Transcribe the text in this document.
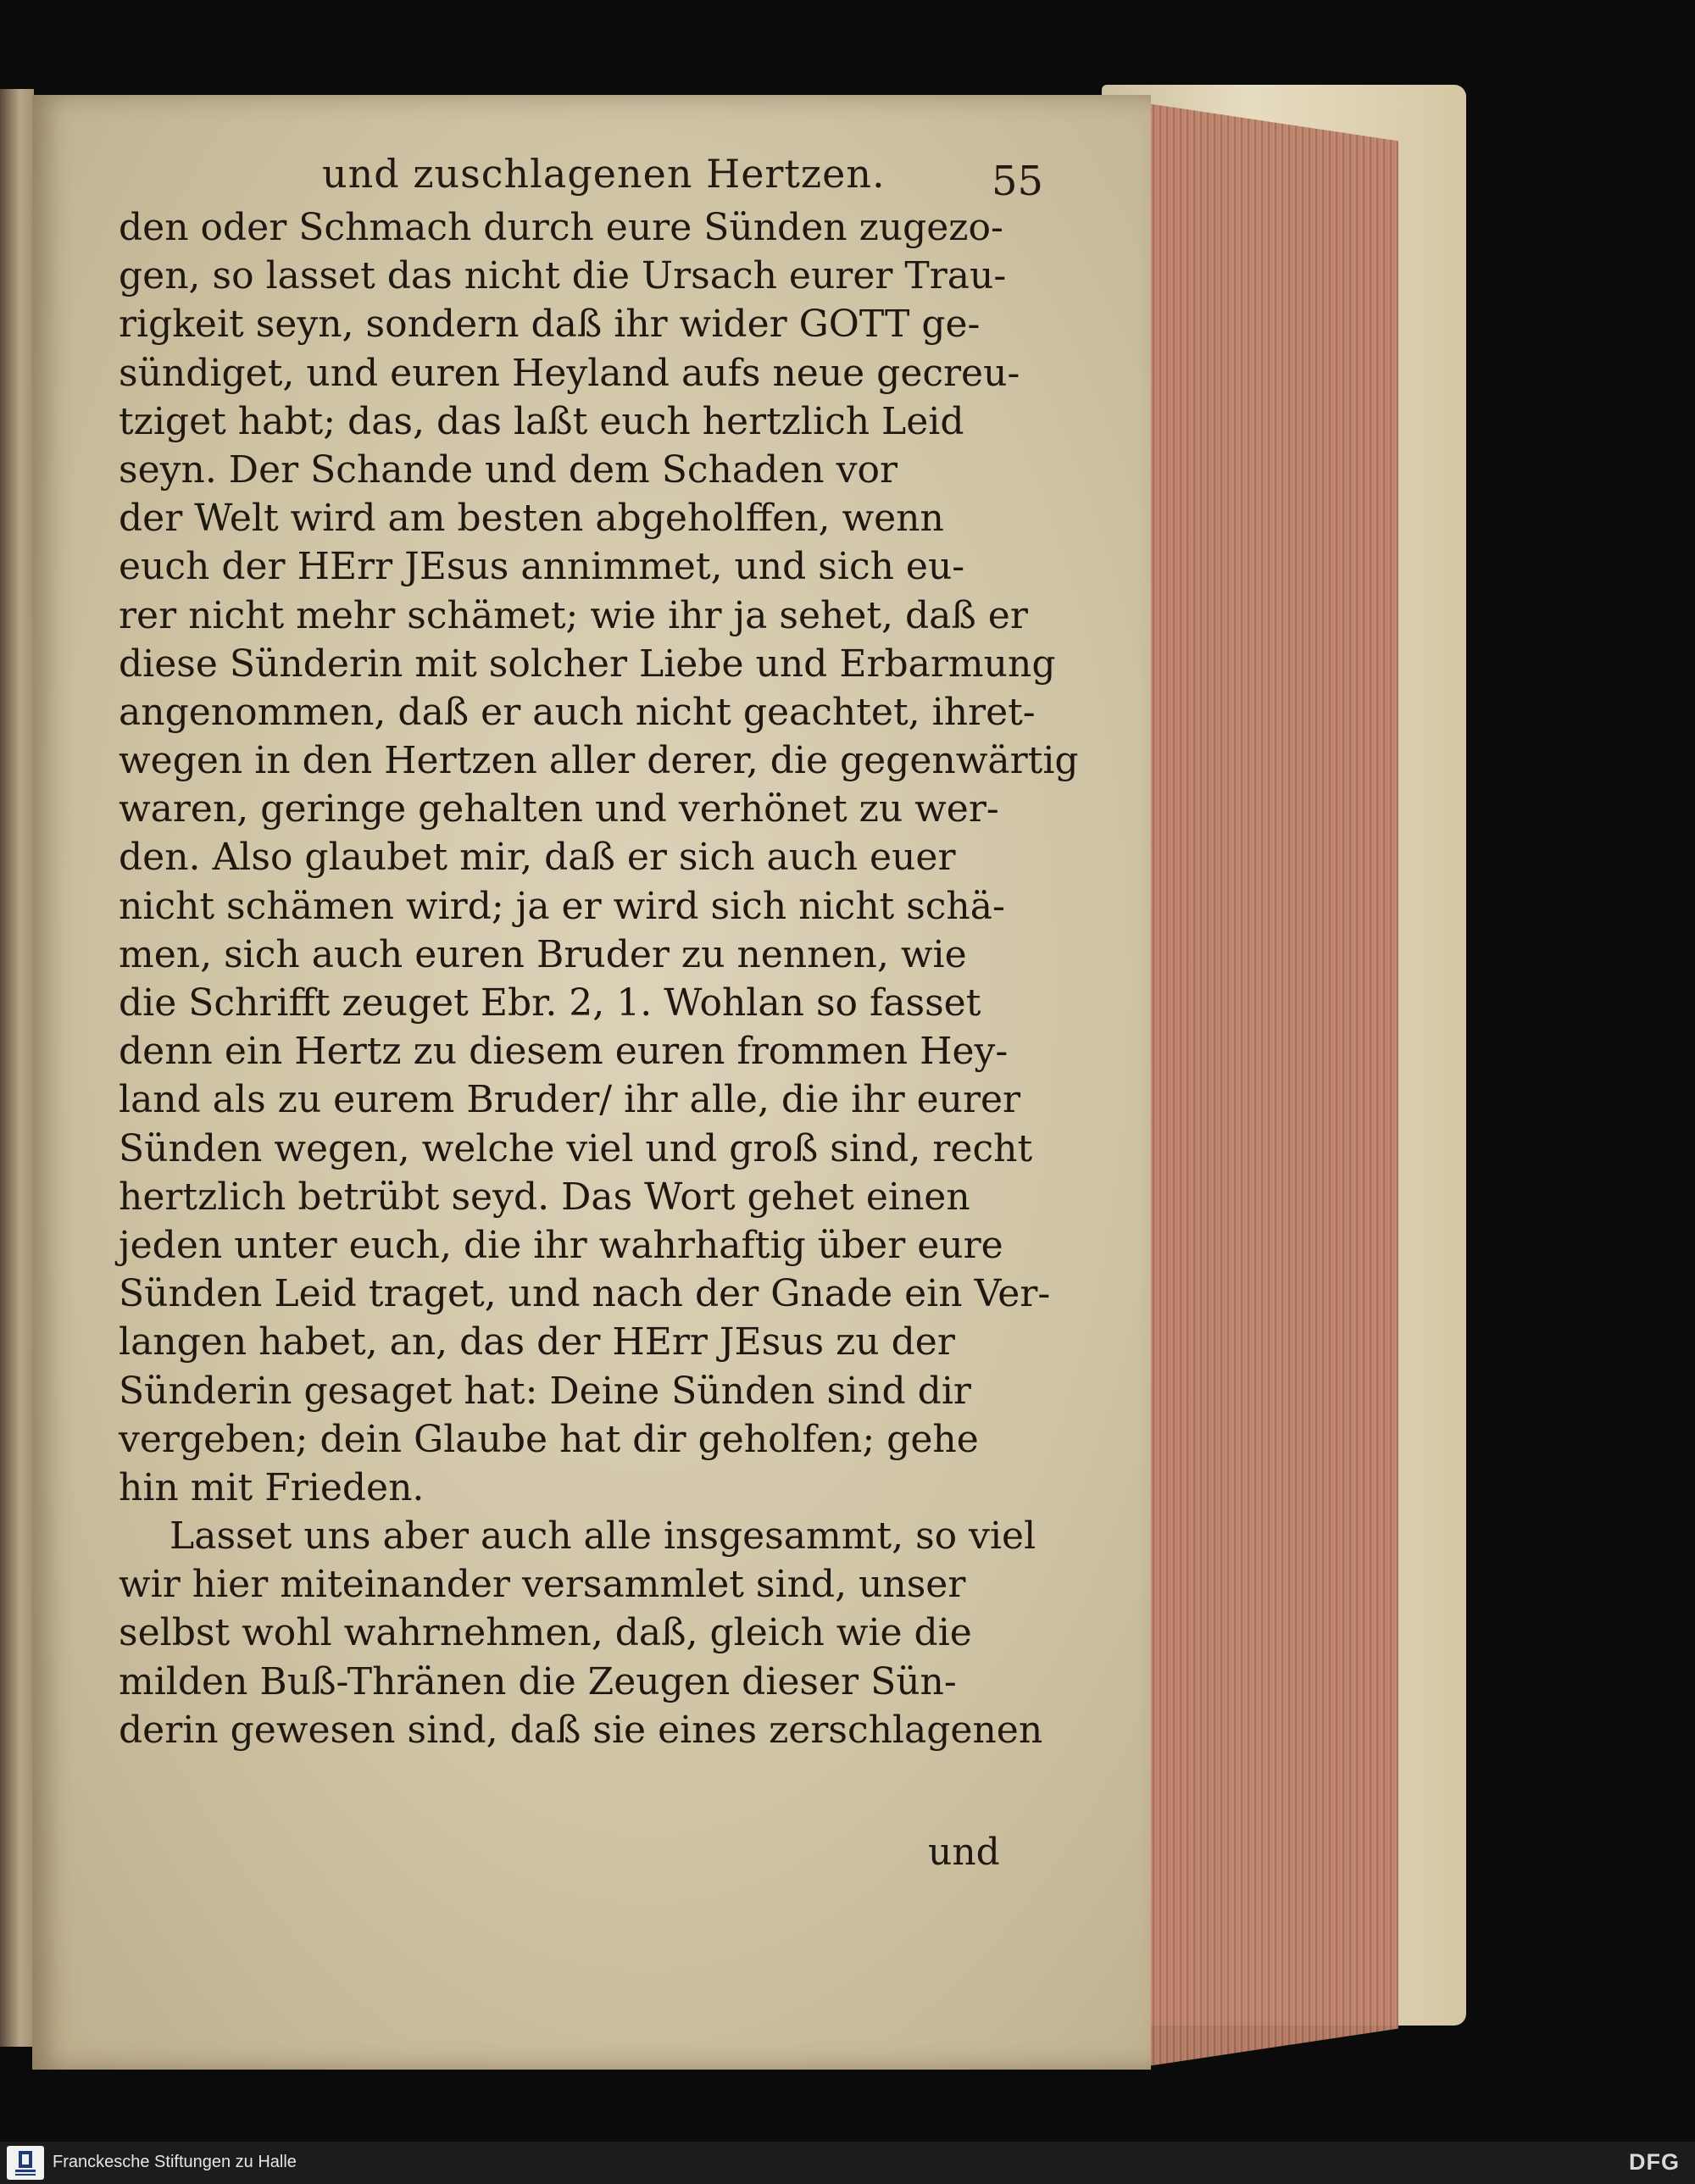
und zuschlagenen Hertzen.	55
den oder Schmach durch eure Sünden zugezo-
gen, so lasset das nicht die Ursach eurer Trau-
rigkeit seyn, sondern daß ihr wider GOTT ge-
sündiget, und euren Heyland aufs neue gecreu-
tziget habt; das, das laßt euch hertzlich Leid
seyn. Der Schande und dem Schaden vor
der Welt wird am besten abgeholffen, wenn
euch der HErr JEsus annimmet, und sich eu-
rer nicht mehr schämet; wie ihr ja sehet, daß er
diese Sünderin mit solcher Liebe und Erbarmung
angenommen, daß er auch nicht geachtet, ihret-
wegen in den Hertzen aller derer, die gegenwärtig
waren, geringe gehalten und verhönet zu wer-
den. Also glaubet mir, daß er sich auch euer
nicht schämen wird; ja er wird sich nicht schä-
men, sich auch euren Bruder zu nennen, wie
die Schrifft zeuget Ebr. 2, 1. Wohlan so fasset
denn ein Hertz zu diesem euren frommen Hey-
land als zu eurem Bruder/ ihr alle, die ihr eurer
Sünden wegen, welche viel und groß sind, recht
hertzlich betrübt seyd. Das Wort gehet einen
jeden unter euch, die ihr wahrhaftig über eure
Sünden Leid traget, und nach der Gnade ein Ver-
langen habet, an, das der HErr JEsus zu der
Sünderin gesaget hat: Deine Sünden sind dir
vergeben; dein Glaube hat dir geholfen; gehe
hin mit Frieden.
Lasset uns aber auch alle insgesammt, so viel
wir hier miteinander versammlet sind, unser
selbst wohl wahrnehmen, daß, gleich wie die
milden Buß-Thränen die Zeugen dieser Sün-
derin gewesen sind, daß sie eines zerschlagenen
und
Franckesche Stiftungen zu Halle	DFG
